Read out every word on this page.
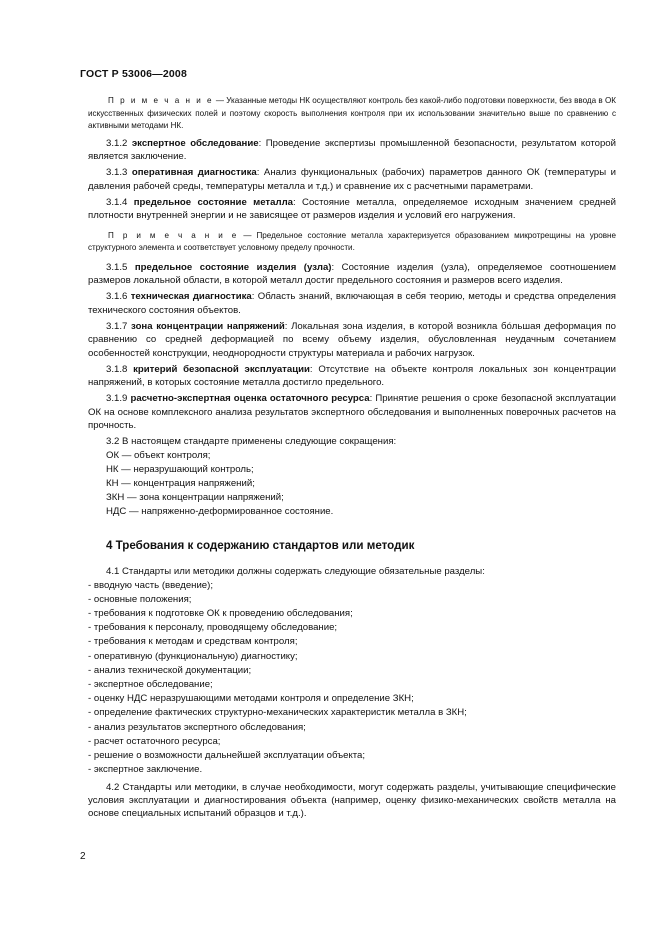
ГОСТ Р 53006—2008

П р и м е ч а н и е — Указанные методы НК осуществляют контроль без какой-либо подготовки поверхности, без ввода в ОК искусственных физических полей и поэтому скорость выполнения контроля при их использовании значительно выше по сравнению с активными методами НК.

3.1.2 экспертное обследование: Проведение экспертизы промышленной безопасности, результатом которой является заключение.

3.1.3 оперативная диагностика: Анализ функциональных (рабочих) параметров данного ОК (температуры и давления рабочей среды, температуры металла и т.д.) и сравнение их с расчетными параметрами.

3.1.4 предельное состояние металла: Состояние металла, определяемое исходным значением средней плотности внутренней энергии и не зависящее от размеров изделия и условий его нагружения.

П р и м е ч а н и е — Предельное состояние металла характеризуется образованием микротрещины на уровне структурного элемента и соответствует условному пределу прочности.

3.1.5 предельное состояние изделия (узла): Состояние изделия (узла), определяемое соотношением размеров локальной области, в которой металл достиг предельного состояния и размеров всего изделия.

3.1.6 техническая диагностика: Область знаний, включающая в себя теорию, методы и средства определения технического состояния объектов.

3.1.7 зона концентрации напряжений: Локальная зона изделия, в которой возникла бóльшая деформация по сравнению со средней деформацией по всему объему изделия, обусловленная неудачным сочетанием особенностей конструкции, неоднородности структуры материала и рабочих нагрузок.

3.1.8 критерий безопасной эксплуатации: Отсутствие на объекте контроля локальных зон концентрации напряжений, в которых состояние металла достигло предельного.

3.1.9 расчетно-экспертная оценка остаточного ресурса: Принятие решения о сроке безопасной эксплуатации ОК на основе комплексного анализа результатов экспертного обследования и выполненных поверочных расчетов на прочность.

3.2 В настоящем стандарте применены следующие сокращения:

ОК — объект контроля;

НК — неразрушающий контроль;

КН — концентрация напряжений;

ЗКН — зона концентрации напряжений;

НДС — напряженно-деформированное состояние.

4 Требования к содержанию стандартов или методик

4.1 Стандарты или методики должны содержать следующие обязательные разделы:

- вводную часть (введение);

- основные положения;

- требования к подготовке ОК к проведению обследования;

- требования к персоналу, проводящему обследование;

- требования к методам и средствам контроля;

- оперативную (функциональную) диагностику;

- анализ технической документации;

- экспертное обследование;

- оценку НДС неразрушающими методами контроля и определение ЗКН;

- определение фактических структурно-механических характеристик металла в ЗКН;

- анализ результатов экспертного обследования;

- расчет остаточного ресурса;

- решение о возможности дальнейшей эксплуатации объекта;

- экспертное заключение.

4.2 Стандарты или методики, в случае необходимости, могут содержать разделы, учитывающие специфические условия эксплуатации и диагностирования объекта (например, оценку физико-механических свойств металла на основе специальных испытаний образцов и т.д.).

2
